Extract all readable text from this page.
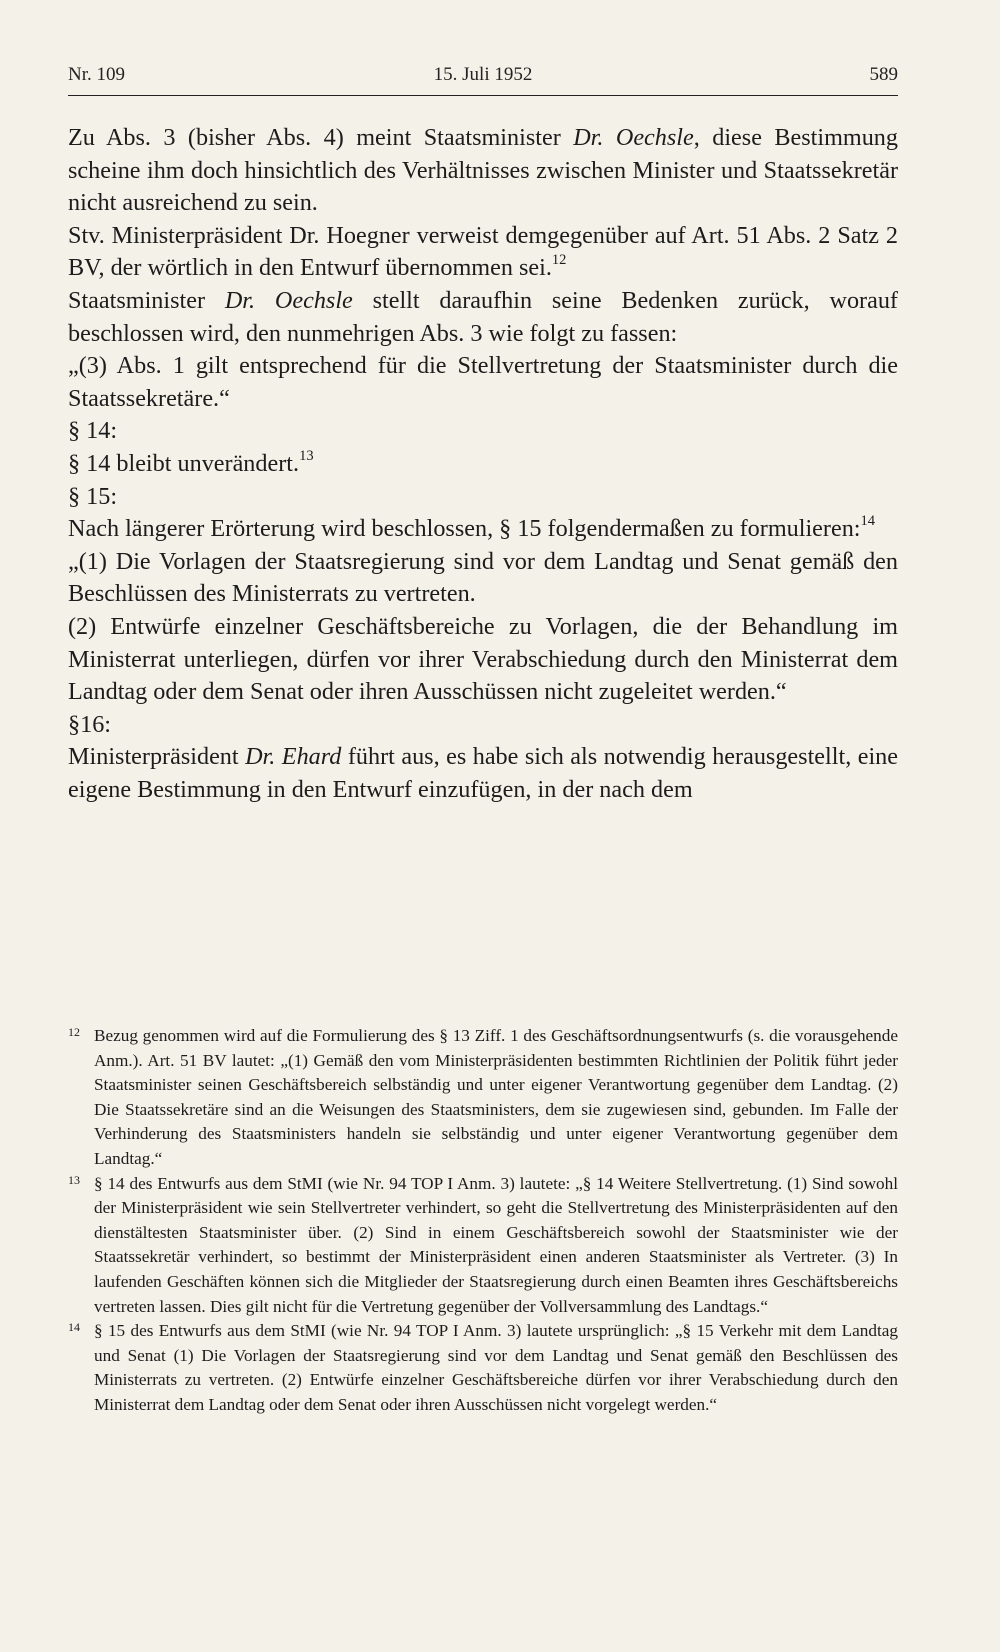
Nr. 109	15. Juli 1952	589

Zu Abs. 3 (bisher Abs. 4) meint Staatsminister Dr. Oechsle, diese Bestimmung scheine ihm doch hinsichtlich des Verhältnisses zwischen Minister und Staatssekretär nicht ausreichend zu sein.

Stv. Ministerpräsident Dr. Hoegner verweist demgegenüber auf Art. 51 Abs. 2 Satz 2 BV, der wörtlich in den Entwurf übernommen sei.$^{12}$

Staatsminister Dr. Oechsle stellt daraufhin seine Bedenken zurück, worauf beschlossen wird, den nunmehrigen Abs. 3 wie folgt zu fassen:

„(3) Abs. 1 gilt entsprechend für die Stellvertretung der Staatsminister durch die Staatssekretäre.“

§ 14:

§ 14 bleibt unverändert.$^{13}$

§ 15:

Nach längerer Erörterung wird beschlossen, § 15 folgendermaßen zu formulieren:$^{14}$

„(1) Die Vorlagen der Staatsregierung sind vor dem Landtag und Senat gemäß den Beschlüssen des Ministerrats zu vertreten.

(2) Entwürfe einzelner Geschäftsbereiche zu Vorlagen, die der Behandlung im Ministerrat unterliegen, dürfen vor ihrer Verabschiedung durch den Ministerrat dem Landtag oder dem Senat oder ihren Ausschüssen nicht zugeleitet werden.“

§16:

Ministerpräsident Dr. Ehard führt aus, es habe sich als notwendig herausgestellt, eine eigene Bestimmung in den Entwurf einzufügen, in der nach dem

12 Bezug genommen wird auf die Formulierung des § 13 Ziff. 1 des Geschäftsordnungsentwurfs (s. die vorausgehende Anm.). Art. 51 BV lautet: „(1) Gemäß den vom Ministerpräsidenten bestimmten Richtlinien der Politik führt jeder Staatsminister seinen Geschäftsbereich selbständig und unter eigener Verantwortung gegenüber dem Landtag. (2) Die Staatssekretäre sind an die Weisungen des Staatsministers, dem sie zugewiesen sind, gebunden. Im Falle der Verhinderung des Staatsministers handeln sie selbständig und unter eigener Verantwortung gegenüber dem Landtag.“

13 § 14 des Entwurfs aus dem StMI (wie Nr. 94 TOP I Anm. 3) lautete: „§ 14 Weitere Stellvertretung. (1) Sind sowohl der Ministerpräsident wie sein Stellvertreter verhindert, so geht die Stellvertretung des Ministerpräsidenten auf den dienstältesten Staatsminister über. (2) Sind in einem Geschäftsbereich sowohl der Staatsminister wie der Staatssekretär verhindert, so bestimmt der Ministerpräsident einen anderen Staatsminister als Vertreter. (3) In laufenden Geschäften können sich die Mitglieder der Staatsregierung durch einen Beamten ihres Geschäftsbereichs vertreten lassen. Dies gilt nicht für die Vertretung gegenüber der Vollversammlung des Landtags.“

14 § 15 des Entwurfs aus dem StMI (wie Nr. 94 TOP I Anm. 3) lautete ursprünglich: „§ 15 Verkehr mit dem Landtag und Senat (1) Die Vorlagen der Staatsregierung sind vor dem Landtag und Senat gemäß den Beschlüssen des Ministerrats zu vertreten. (2) Entwürfe einzelner Geschäftsbereiche dürfen vor ihrer Verabschiedung durch den Ministerrat dem Landtag oder dem Senat oder ihren Ausschüssen nicht vorgelegt werden.“
